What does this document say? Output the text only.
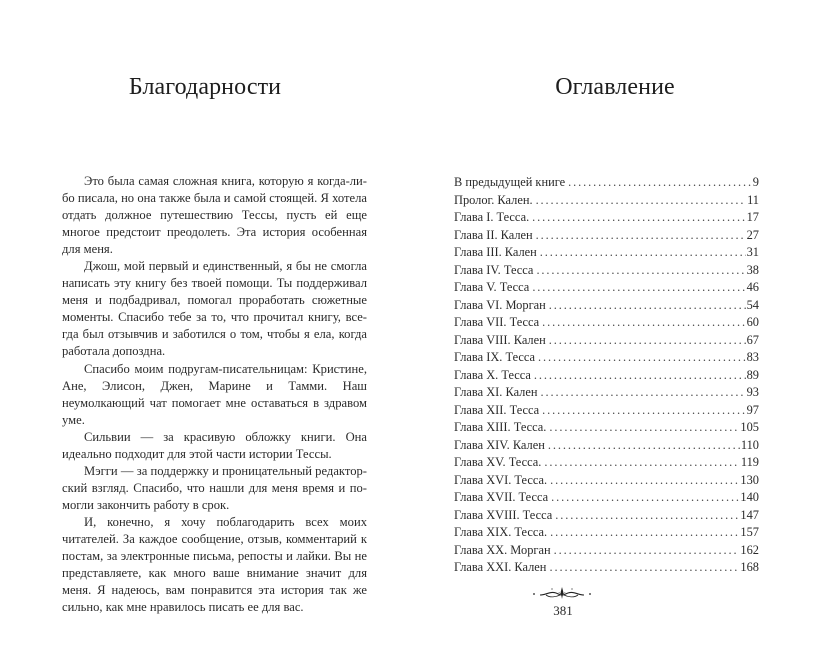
Благодарности

Это была самая сложная книга, которую я когда-либо писала, но она также была и самой стоящей. Я хотела отдать должное путешествию Тессы, пусть ей еще многое предстоит преодолеть. Эта история особенная для меня.

Джош, мой первый и единственный, я бы не смогла написать эту книгу без твоей помощи. Ты поддерживал меня и подбадривал, помогал проработать сюжетные моменты. Спасибо тебе за то, что прочитал книгу, всегда был отзывчив и заботился о том, чтобы я ела, когда работала допоздна.

Спасибо моим подругам-писательницам: Кристине, Ане, Элисон, Джен, Марине и Тамми. Наш неумолкающий чат помогает мне оставаться в здравом уме.

Сильвии — за красивую обложку книги. Она идеально подходит для этой части истории Тессы.

Мэгги — за поддержку и проницательный редакторский взгляд. Спасибо, что нашли для меня время и помогли закончить работу в срок.

И, конечно, я хочу поблагодарить всех моих читателей. За каждое сообщение, отзыв, комментарий к постам, за электронные письма, репосты и лайки. Вы не представляете, как много ваше внимание значит для меня. Я надеюсь, вам понравится эта история так же сильно, как мне нравилось писать ее для вас.

Оглавление
В предыдущей книге . . .	9
Пролог. Кален. . . .	11
Глава I. Тесса. . . .	17
Глава II. Кален . . .	27
Глава III. Кален . . .	31
Глава IV. Тесса . . .	38
Глава V. Тесса . . .	46
Глава VI. Морган . . .	54
Глава VII. Тесса . . .	60
Глава VIII. Кален . . .	67
Глава IX. Тесса . . .	83
Глава X. Тесса . . .	89
Глава XI. Кален . . .	93
Глава XII. Тесса . . .	97
Глава XIII. Тесса. . . .	105
Глава XIV. Кален . . .	110
Глава XV. Тесса. . . .	119
Глава XVI. Тесса. . . .	130
Глава XVII. Тесса . . .	140
Глава XVIII. Тесса . . .	147
Глава XIX. Тесса. . . .	157
Глава XX. Морган . . .	162
Глава XXI. Кален . . .	168
381
